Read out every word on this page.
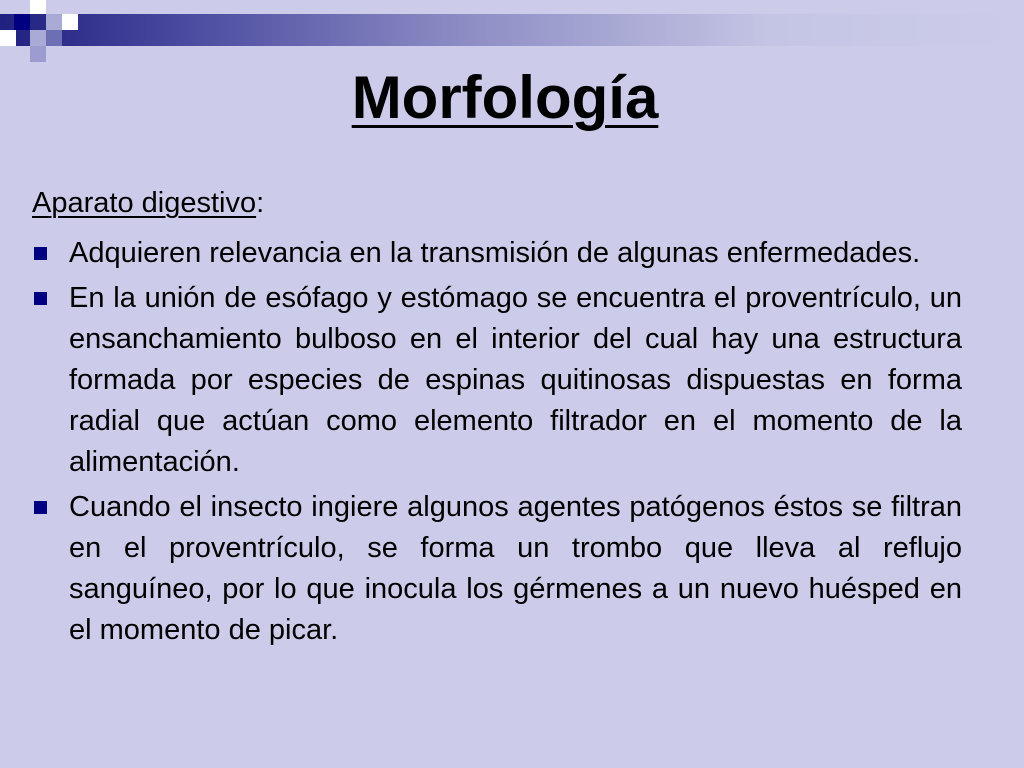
Morfología

Aparato digestivo:

Adquieren relevancia en la transmisión de algunas enfermedades.
En la unión de esófago y estómago se encuentra el proventrículo, un ensanchamiento bulboso en el interior del cual hay una estructura formada por especies de espinas quitinosas dispuestas en forma radial que actúan como elemento filtrador en el momento de la alimentación.
Cuando el insecto ingiere algunos agentes patógenos éstos se filtran en el proventrículo, se forma un trombo que lleva al reflujo sanguíneo, por lo que inocula los gérmenes a un nuevo huésped en el momento de picar.
